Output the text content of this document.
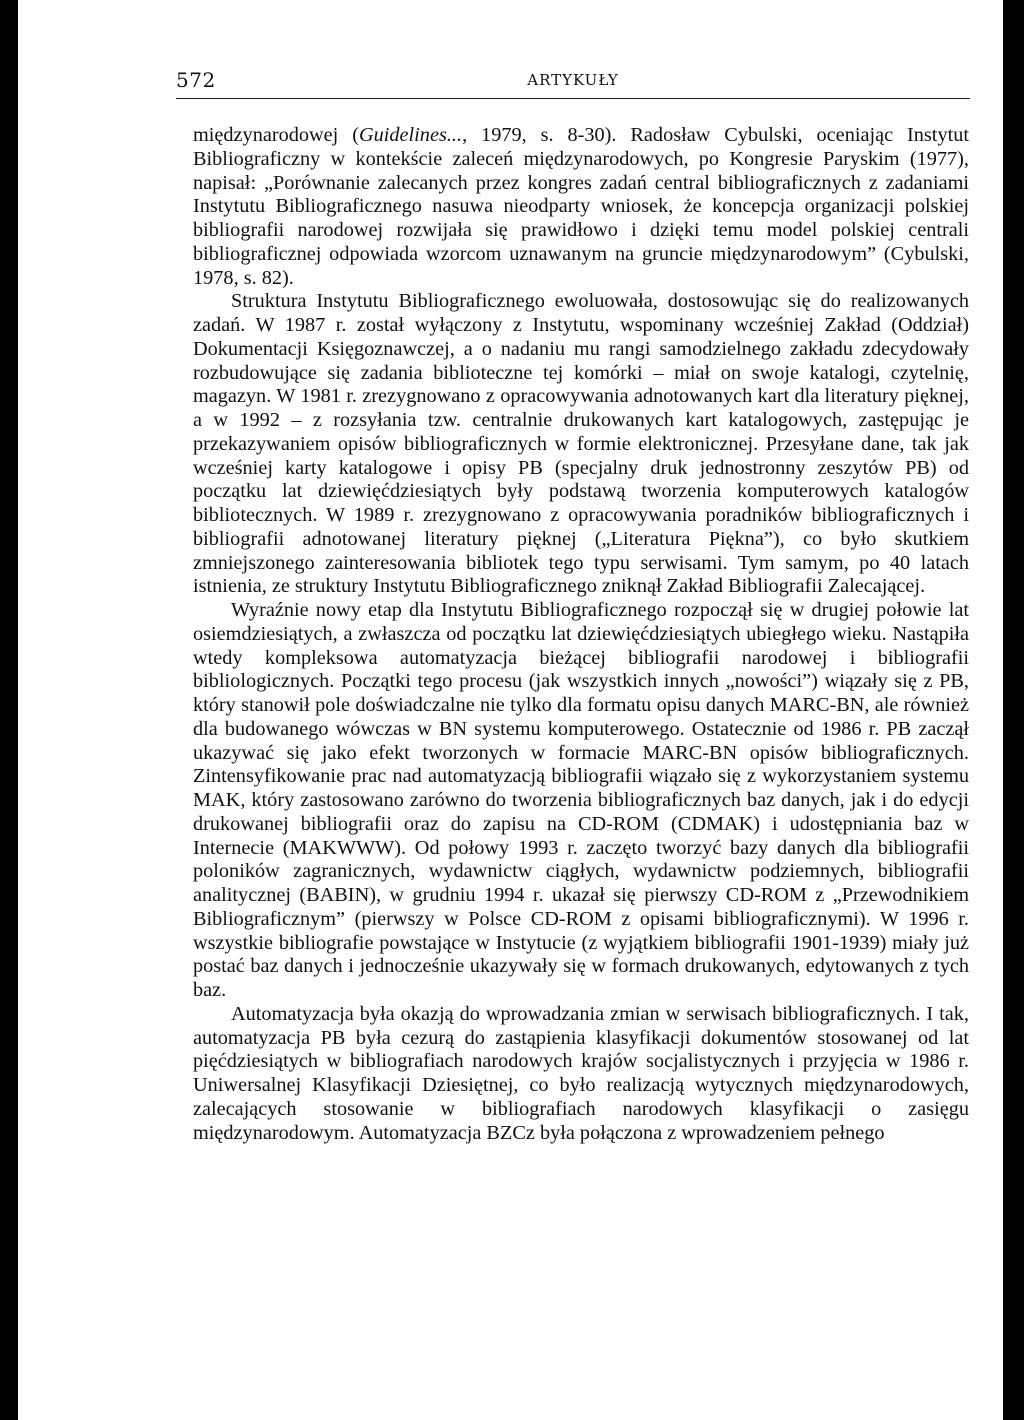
572	ARTYKUŁY

międzynarodowej (Guidelines..., 1979, s. 8-30). Radosław Cybulski, oceniając Instytut Bibliograficzny w kontekście zaleceń międzynarodowych, po Kongresie Paryskim (1977), napisał: „Porównanie zalecanych przez kongres zadań central bibliograficznych z zadaniami Instytutu Bibliograficznego nasuwa nieodparty wniosek, że koncepcja organizacji polskiej bibliografii narodowej rozwijała się prawidłowo i dzięki temu model polskiej centrali bibliograficznej odpowiada wzorcom uznawanym na gruncie międzynarodowym” (Cybulski, 1978, s. 82).

Struktura Instytutu Bibliograficznego ewoluowała, dostosowując się do realizowanych zadań. W 1987 r. został wyłączony z Instytutu, wspominany wcześniej Zakład (Oddział) Dokumentacji Księgoznawczej, a o nadaniu mu rangi samodzielnego zakładu zdecydowały rozbudowujące się zadania biblioteczne tej komórki – miał on swoje katalogi, czytelnię, magazyn. W 1981 r. zrezygnowano z opracowywania adnotowanych kart dla literatury pięknej, a w 1992 – z rozsyłania tzw. centralnie drukowanych kart katalogowych, zastępując je przekazywaniem opisów bibliograficznych w formie elektronicznej. Przesyłane dane, tak jak wcześniej karty katalogowe i opisy PB (specjalny druk jednostronny zeszytów PB) od początku lat dziewięćdziesiątych były podstawą tworzenia komputerowych katalogów bibliotecznych. W 1989 r. zrezygnowano z opracowywania poradników bibliograficznych i bibliografii adnotowanej literatury pięknej („Literatura Piękna”), co było skutkiem zmniejszonego zainteresowania bibliotek tego typu serwisami. Tym samym, po 40 latach istnienia, ze struktury Instytutu Bibliograficznego zniknął Zakład Bibliografii Zalecającej.

Wyraźnie nowy etap dla Instytutu Bibliograficznego rozpoczął się w drugiej połowie lat osiemdziesiątych, a zwłaszcza od początku lat dziewięćdziesiątych ubiegłego wieku. Nastąpiła wtedy kompleksowa automatyzacja bieżącej bibliografii narodowej i bibliografii bibliologicznych. Początki tego procesu (jak wszystkich innych „nowości”) wiązały się z PB, który stanowił pole doświadczalne nie tylko dla formatu opisu danych MARC-BN, ale również dla budowanego wówczas w BN systemu komputerowego. Ostatecznie od 1986 r. PB zaczął ukazywać się jako efekt tworzonych w formacie MARC-BN opisów bibliograficznych. Zintensyfikowanie prac nad automatyzacją bibliografii wiązało się z wykorzystaniem systemu MAK, który zastosowano zarówno do tworzenia bibliograficznych baz danych, jak i do edycji drukowanej bibliografii oraz do zapisu na CD-ROM (CDMAK) i udostępniania baz w Internecie (MAKWWW). Od połowy 1993 r. zaczęto tworzyć bazy danych dla bibliografii poloników zagranicznych, wydawnictw ciągłych, wydawnictw podziemnych, bibliografii analitycznej (BABIN), w grudniu 1994 r. ukazał się pierwszy CD-ROM z „Przewodnikiem Bibliograficznym” (pierwszy w Polsce CD-ROM z opisami bibliograficznymi). W 1996 r. wszystkie bibliografie powstające w Instytucie (z wyjątkiem bibliografii 1901-1939) miały już postać baz danych i jednocześnie ukazywały się w formach drukowanych, edytowanych z tych baz.

Automatyzacja była okazją do wprowadzania zmian w serwisach bibliograficznych. I tak, automatyzacja PB była cezurą do zastąpienia klasyfikacji dokumentów stosowanej od lat pięćdziesiątych w bibliografiach narodowych krajów socjalistycznych i przyjęcia w 1986 r. Uniwersalnej Klasyfikacji Dziesiętnej, co było realizacją wytycznych międzynarodowych, zalecających stosowanie w bibliografiach narodowych klasyfikacji o zasięgu międzynarodowym. Automatyzacja BZCz była połączona z wprowadzeniem pełnego
